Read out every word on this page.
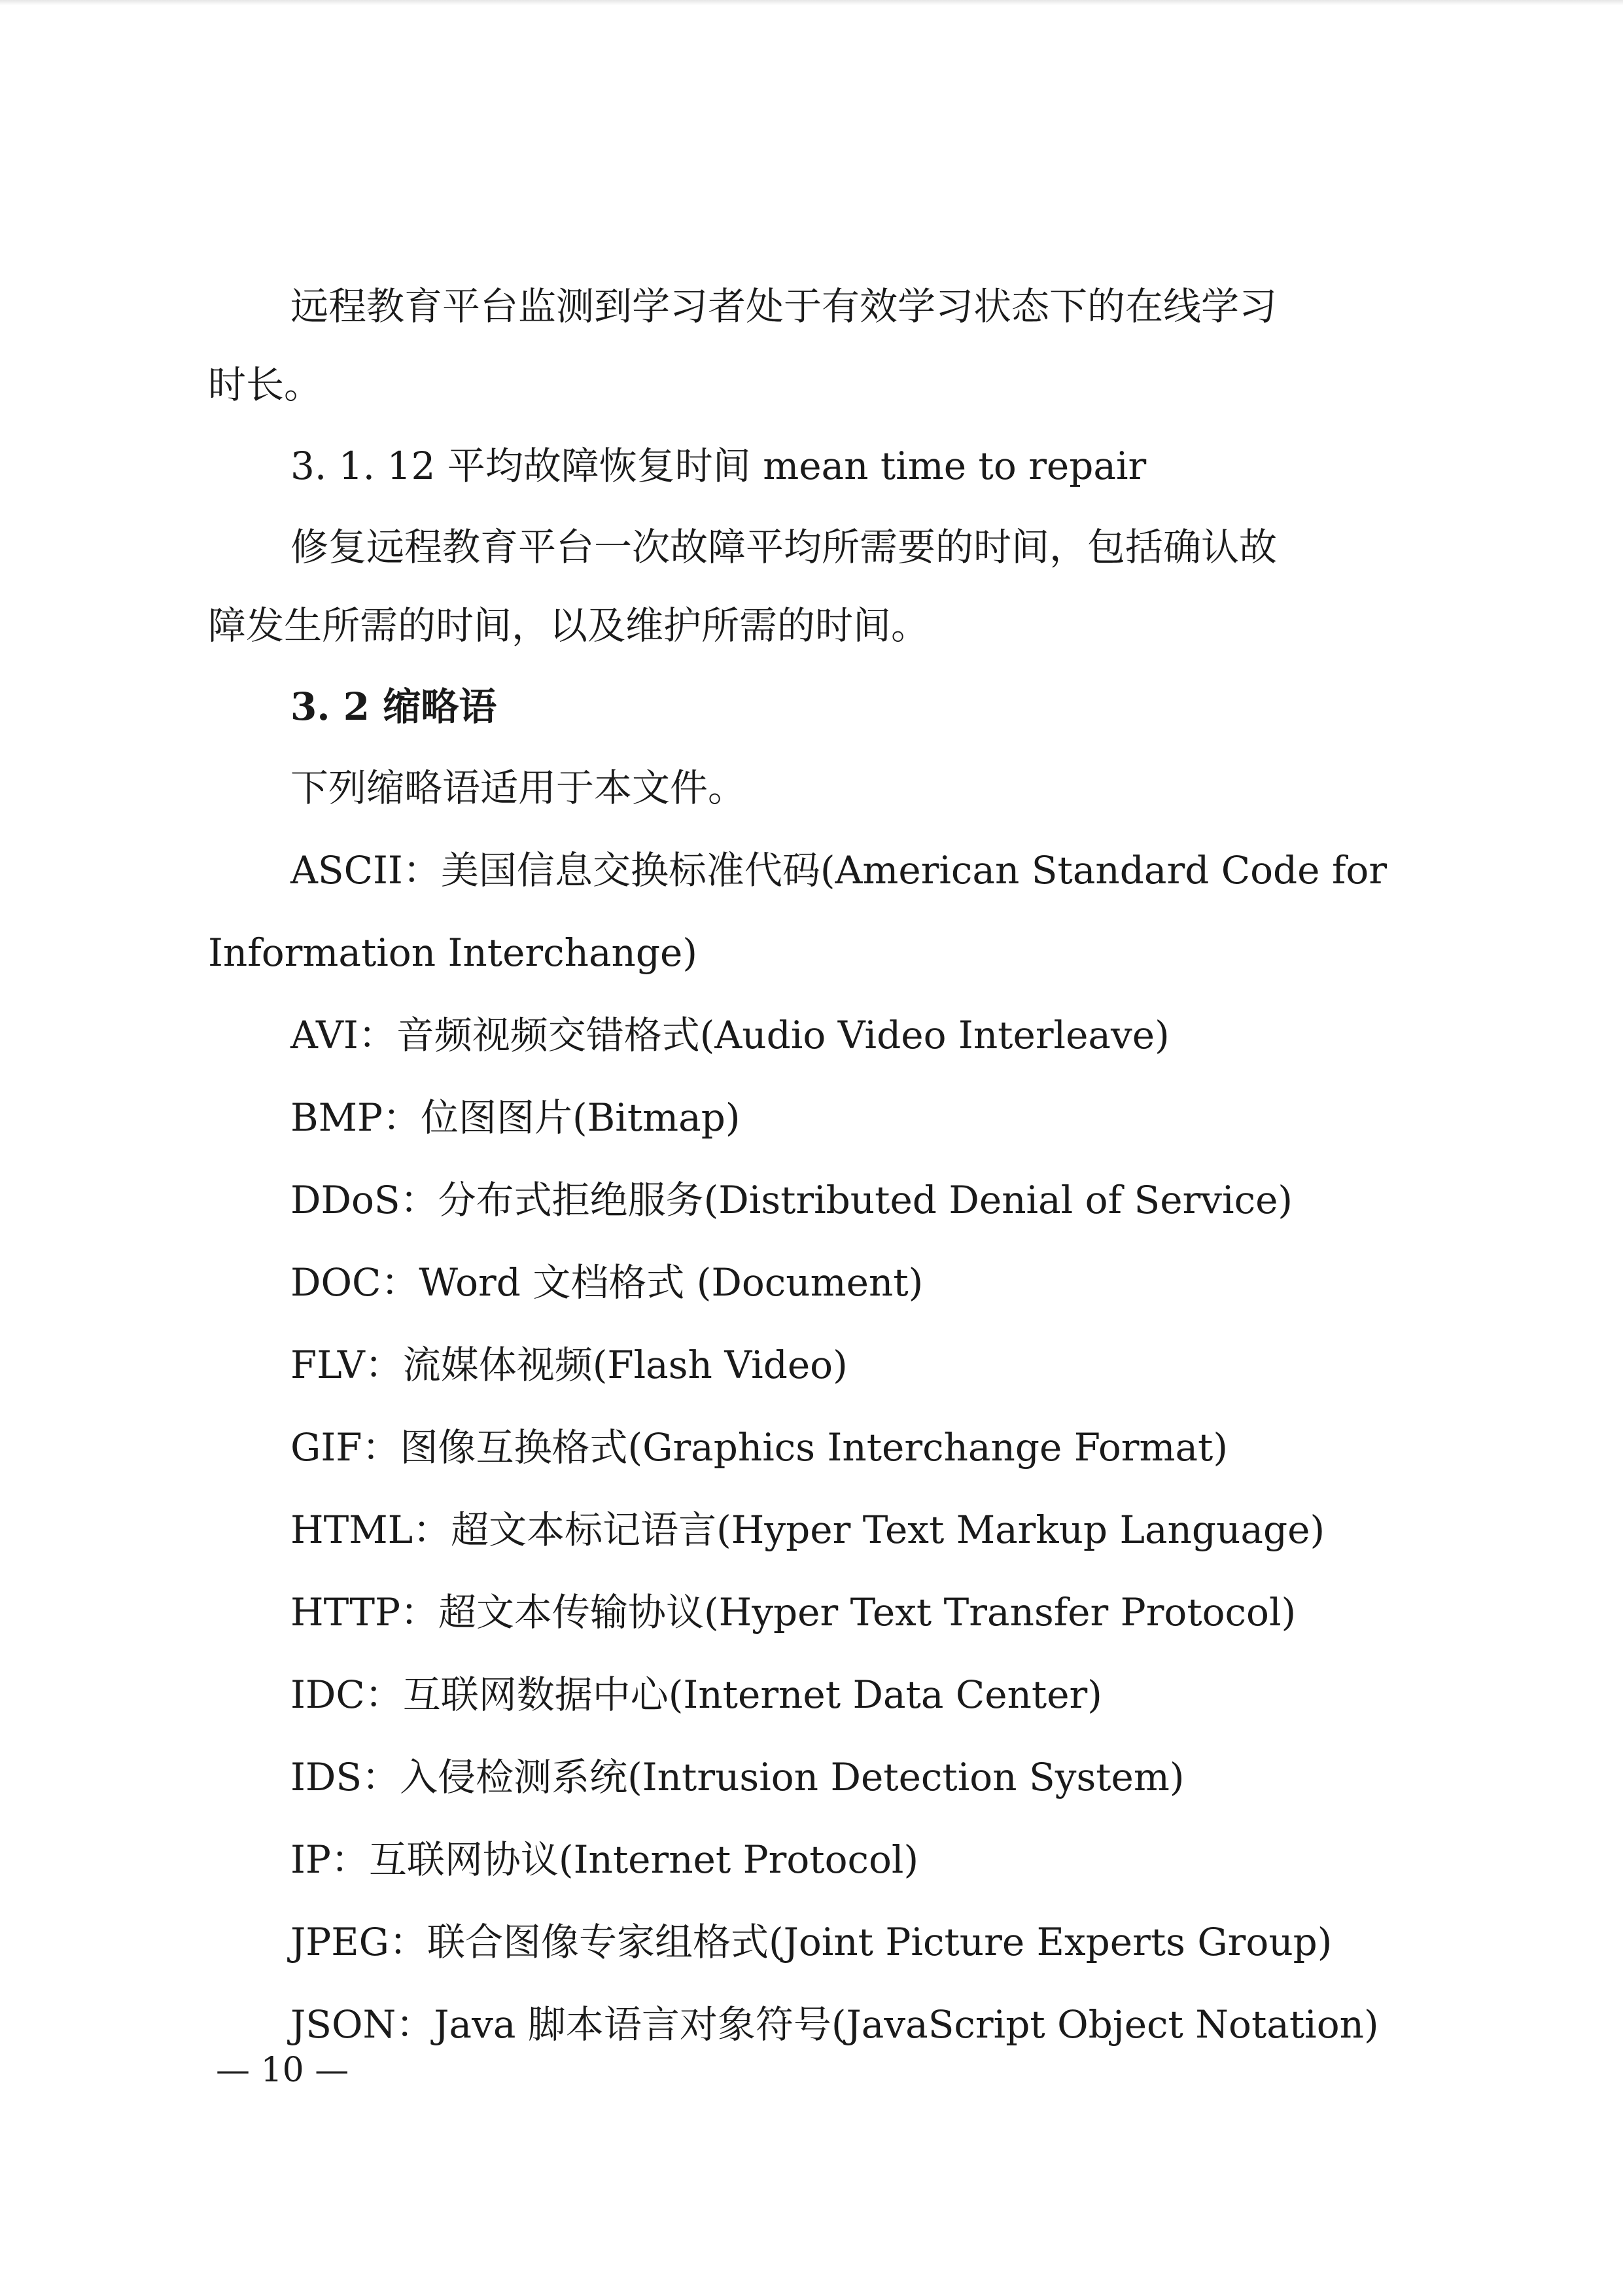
远程教育平台监测到学习者处于有效学习状态下的在线学习

时长。

3. 1. 12 平均故障恢复时间 mean time to repair

修复远程教育平台一次故障平均所需要的时间，包括确认故

障发生所需的时间，以及维护所需的时间。

3. 2 缩略语

下列缩略语适用于本文件。

ASCII：美国信息交换标准代码(American Standard Code for

Information Interchange)

AVI：音频视频交错格式(Audio Video Interleave)

BMP：位图图片(Bitmap)

DDoS：分布式拒绝服务(Distributed Denial of Service)

DOC：Word 文档格式 (Document)

FLV：流媒体视频(Flash Video)

GIF：图像互换格式(Graphics Interchange Format)

HTML：超文本标记语言(Hyper Text Markup Language)

HTTP：超文本传输协议(Hyper Text Transfer Protocol)

IDC：互联网数据中心(Internet Data Center)

IDS：入侵检测系统(Intrusion Detection System)

IP：互联网协议(Internet Protocol)

JPEG：联合图像专家组格式(Joint Picture Experts Group)

JSON：Java 脚本语言对象符号(JavaScript Object Notation)

— 10 —
